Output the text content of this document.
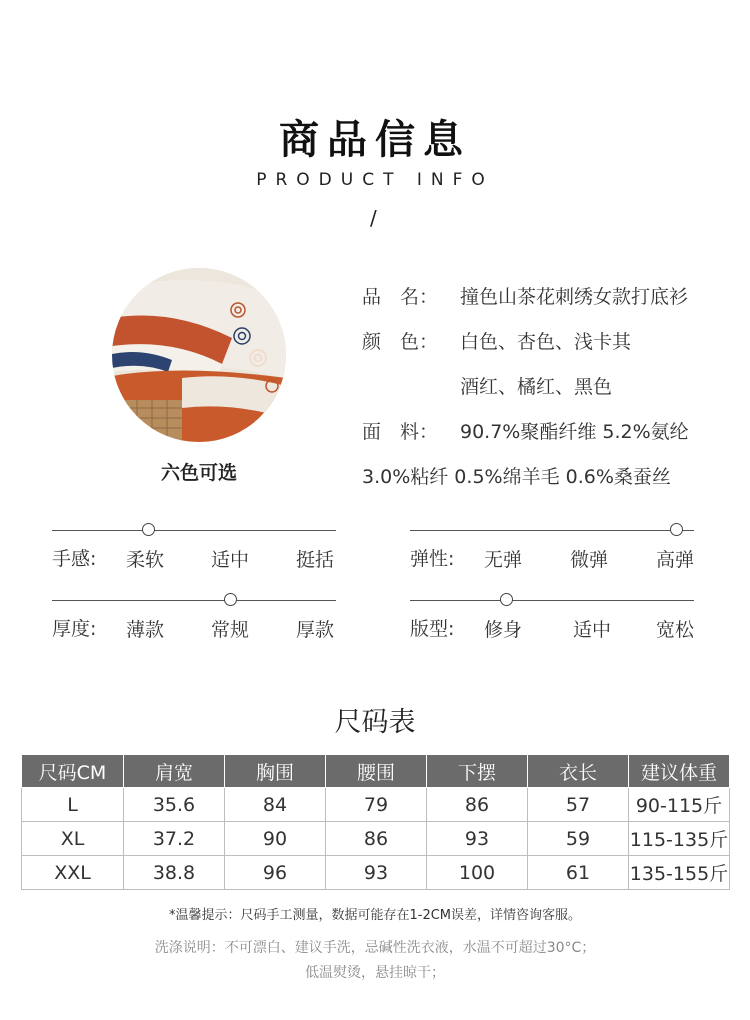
商品信息
PRODUCT INFO
/
六色可选
品　名： 撞色山茶花刺绣女款打底衫
颜　色： 白色、杏色、浅卡其
酒红、橘红、黑色
面　料： 90.7%聚酯纤维 5.2%氨纶
3.0%粘纤 0.5%绵羊毛 0.6%桑蚕丝
手感: 柔软 适中 挺括	弹性: 无弹	微弹	高弹
厚度: 薄款 常规 厚款	版型: 修身	适中 宽松
尺码表
尺码CM	肩宽	胸围	腰围	下摆	衣长	建议体重
L	35.6	84	79	86	57	90-115斤
XL	37.2	90	86	93	59	115-135斤
XXL	38.8	96	93	100	61	135-155斤
*温馨提示：尺码手工测量，数据可能存在1-2CM误差，详情咨询客服。
洗涤说明：不可漂白、建议手洗，忌碱性洗衣液，水温不可超过30°C；
低温熨烫，悬挂晾干；
